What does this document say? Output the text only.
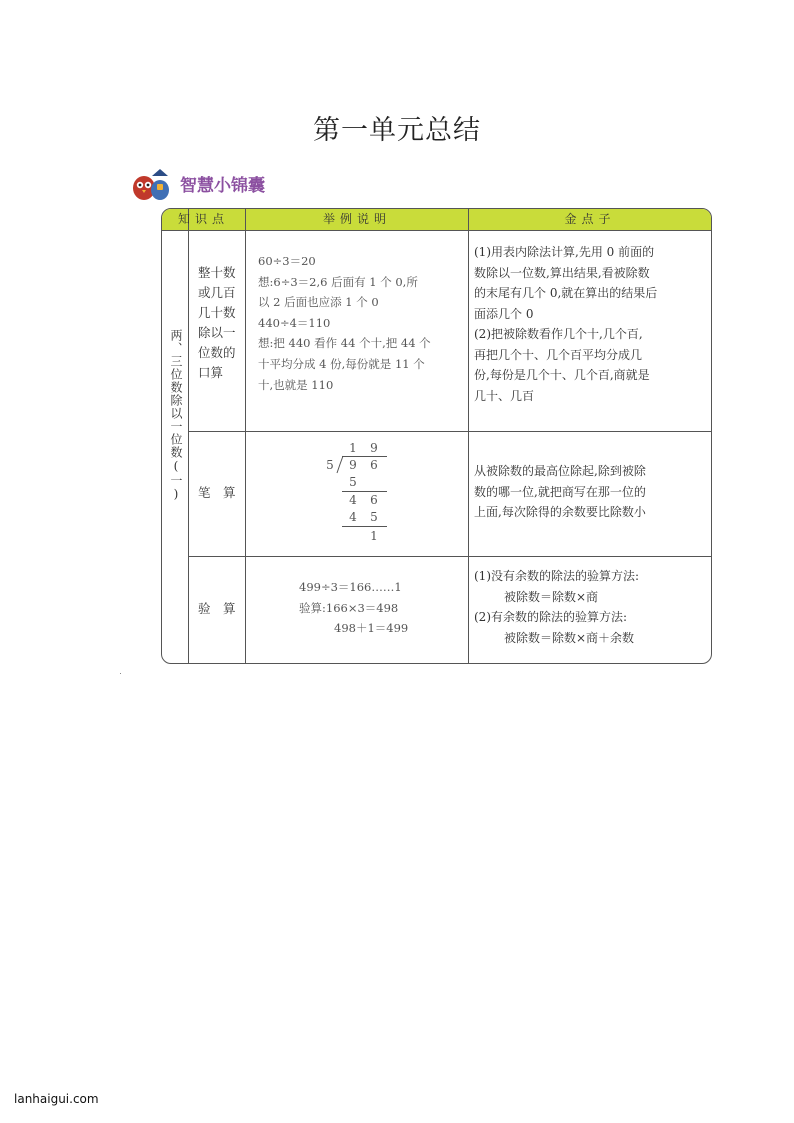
第一单元总结
智慧小锦囊
知识点	举例说明	金点子
两、三位数除以一位数(一)
整十数
或几百
几十数
除以一
位数的
口算
60÷3＝20
想:6÷3＝2,6 后面有 1 个 0,所
以 2 后面也应添 1 个 0
440÷4＝110
想:把 440 看作 44 个十,把 44 个
十平均分成 4 份,每份就是 11 个
十,也就是 110
(1)用表内除法计算,先用 0 前面的
数除以一位数,算出结果,看被除数
的末尾有几个 0,就在算出的结果后
面添几个 0
(2)把被除数看作几个十,几个百,
再把几个十、几个百平均分成几
份,每份是几个十、几个百,商就是
几十、几百
笔　算
从被除数的最高位除起,除到被除
数的哪一位,就把商写在那一位的
上面,每次除得的余数要比除数小
验　算
499÷3＝166……1
验算:166×3＝498
498＋1＝499
(1)没有余数的除法的验算方法:
被除数＝除数×商
(2)有余数的除法的验算方法:
被除数＝除数×商＋余数
1 9
5 9 6
5
4 6
4 5
1
lanhaigui.com
